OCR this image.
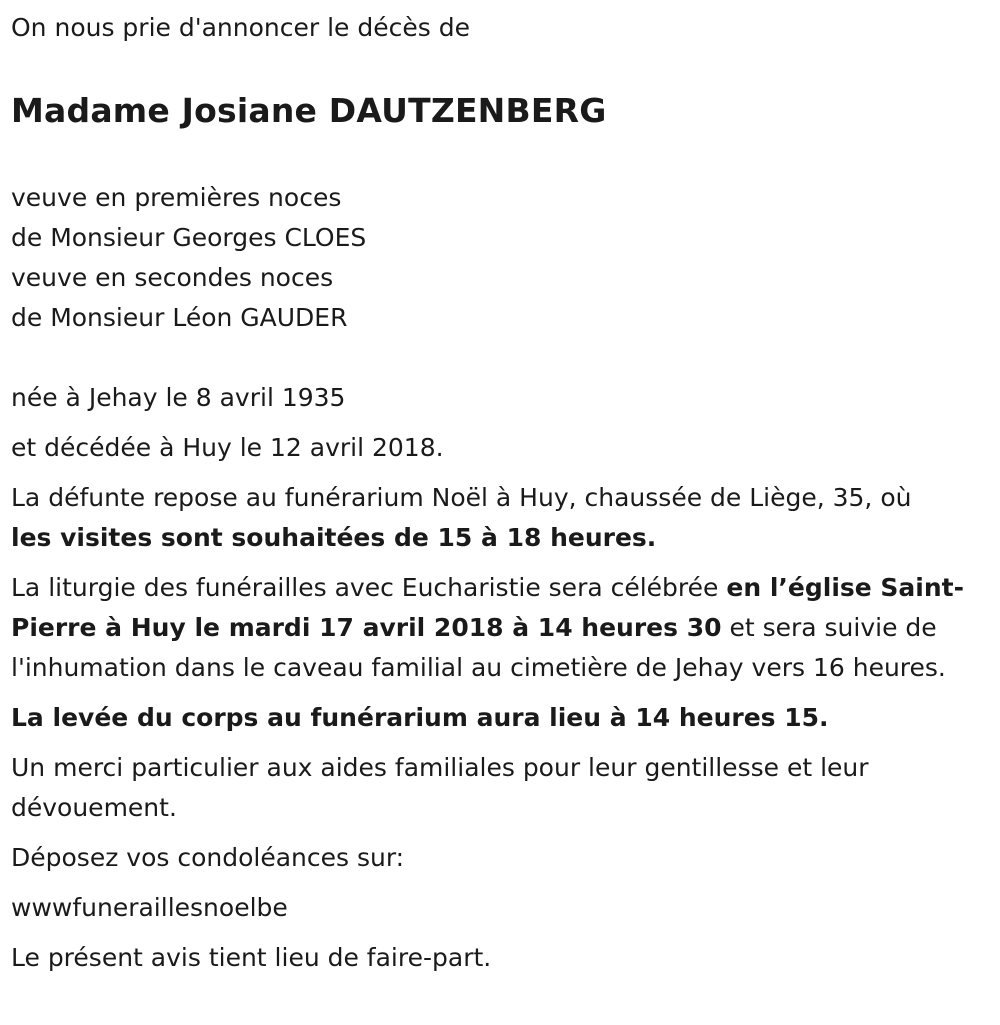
On nous prie d'annoncer le décès de

Madame Josiane DAUTZENBERG

veuve en premières noces

de Monsieur Georges CLOES

veuve en secondes noces

de Monsieur Léon GAUDER

née à Jehay le 8 avril 1935

et décédée à Huy le 12 avril 2018.

La défunte repose au funérarium Noël à Huy, chaussée de Liège, 35, où
les visites sont souhaitées de 15 à 18 heures.

La liturgie des funérailles avec Eucharistie sera célébrée en l’église Saint-Pierre à Huy le mardi 17 avril 2018 à 14 heures 30 et sera suivie de l'inhumation dans le caveau familial au cimetière de Jehay vers 16 heures.

La levée du corps au funérarium aura lieu à 14 heures 15.

Un merci particulier aux aides familiales pour leur gentillesse et leur dévouement.

Déposez vos condoléances sur:

wwwfuneraillesnoelbe

Le présent avis tient lieu de faire-part.
